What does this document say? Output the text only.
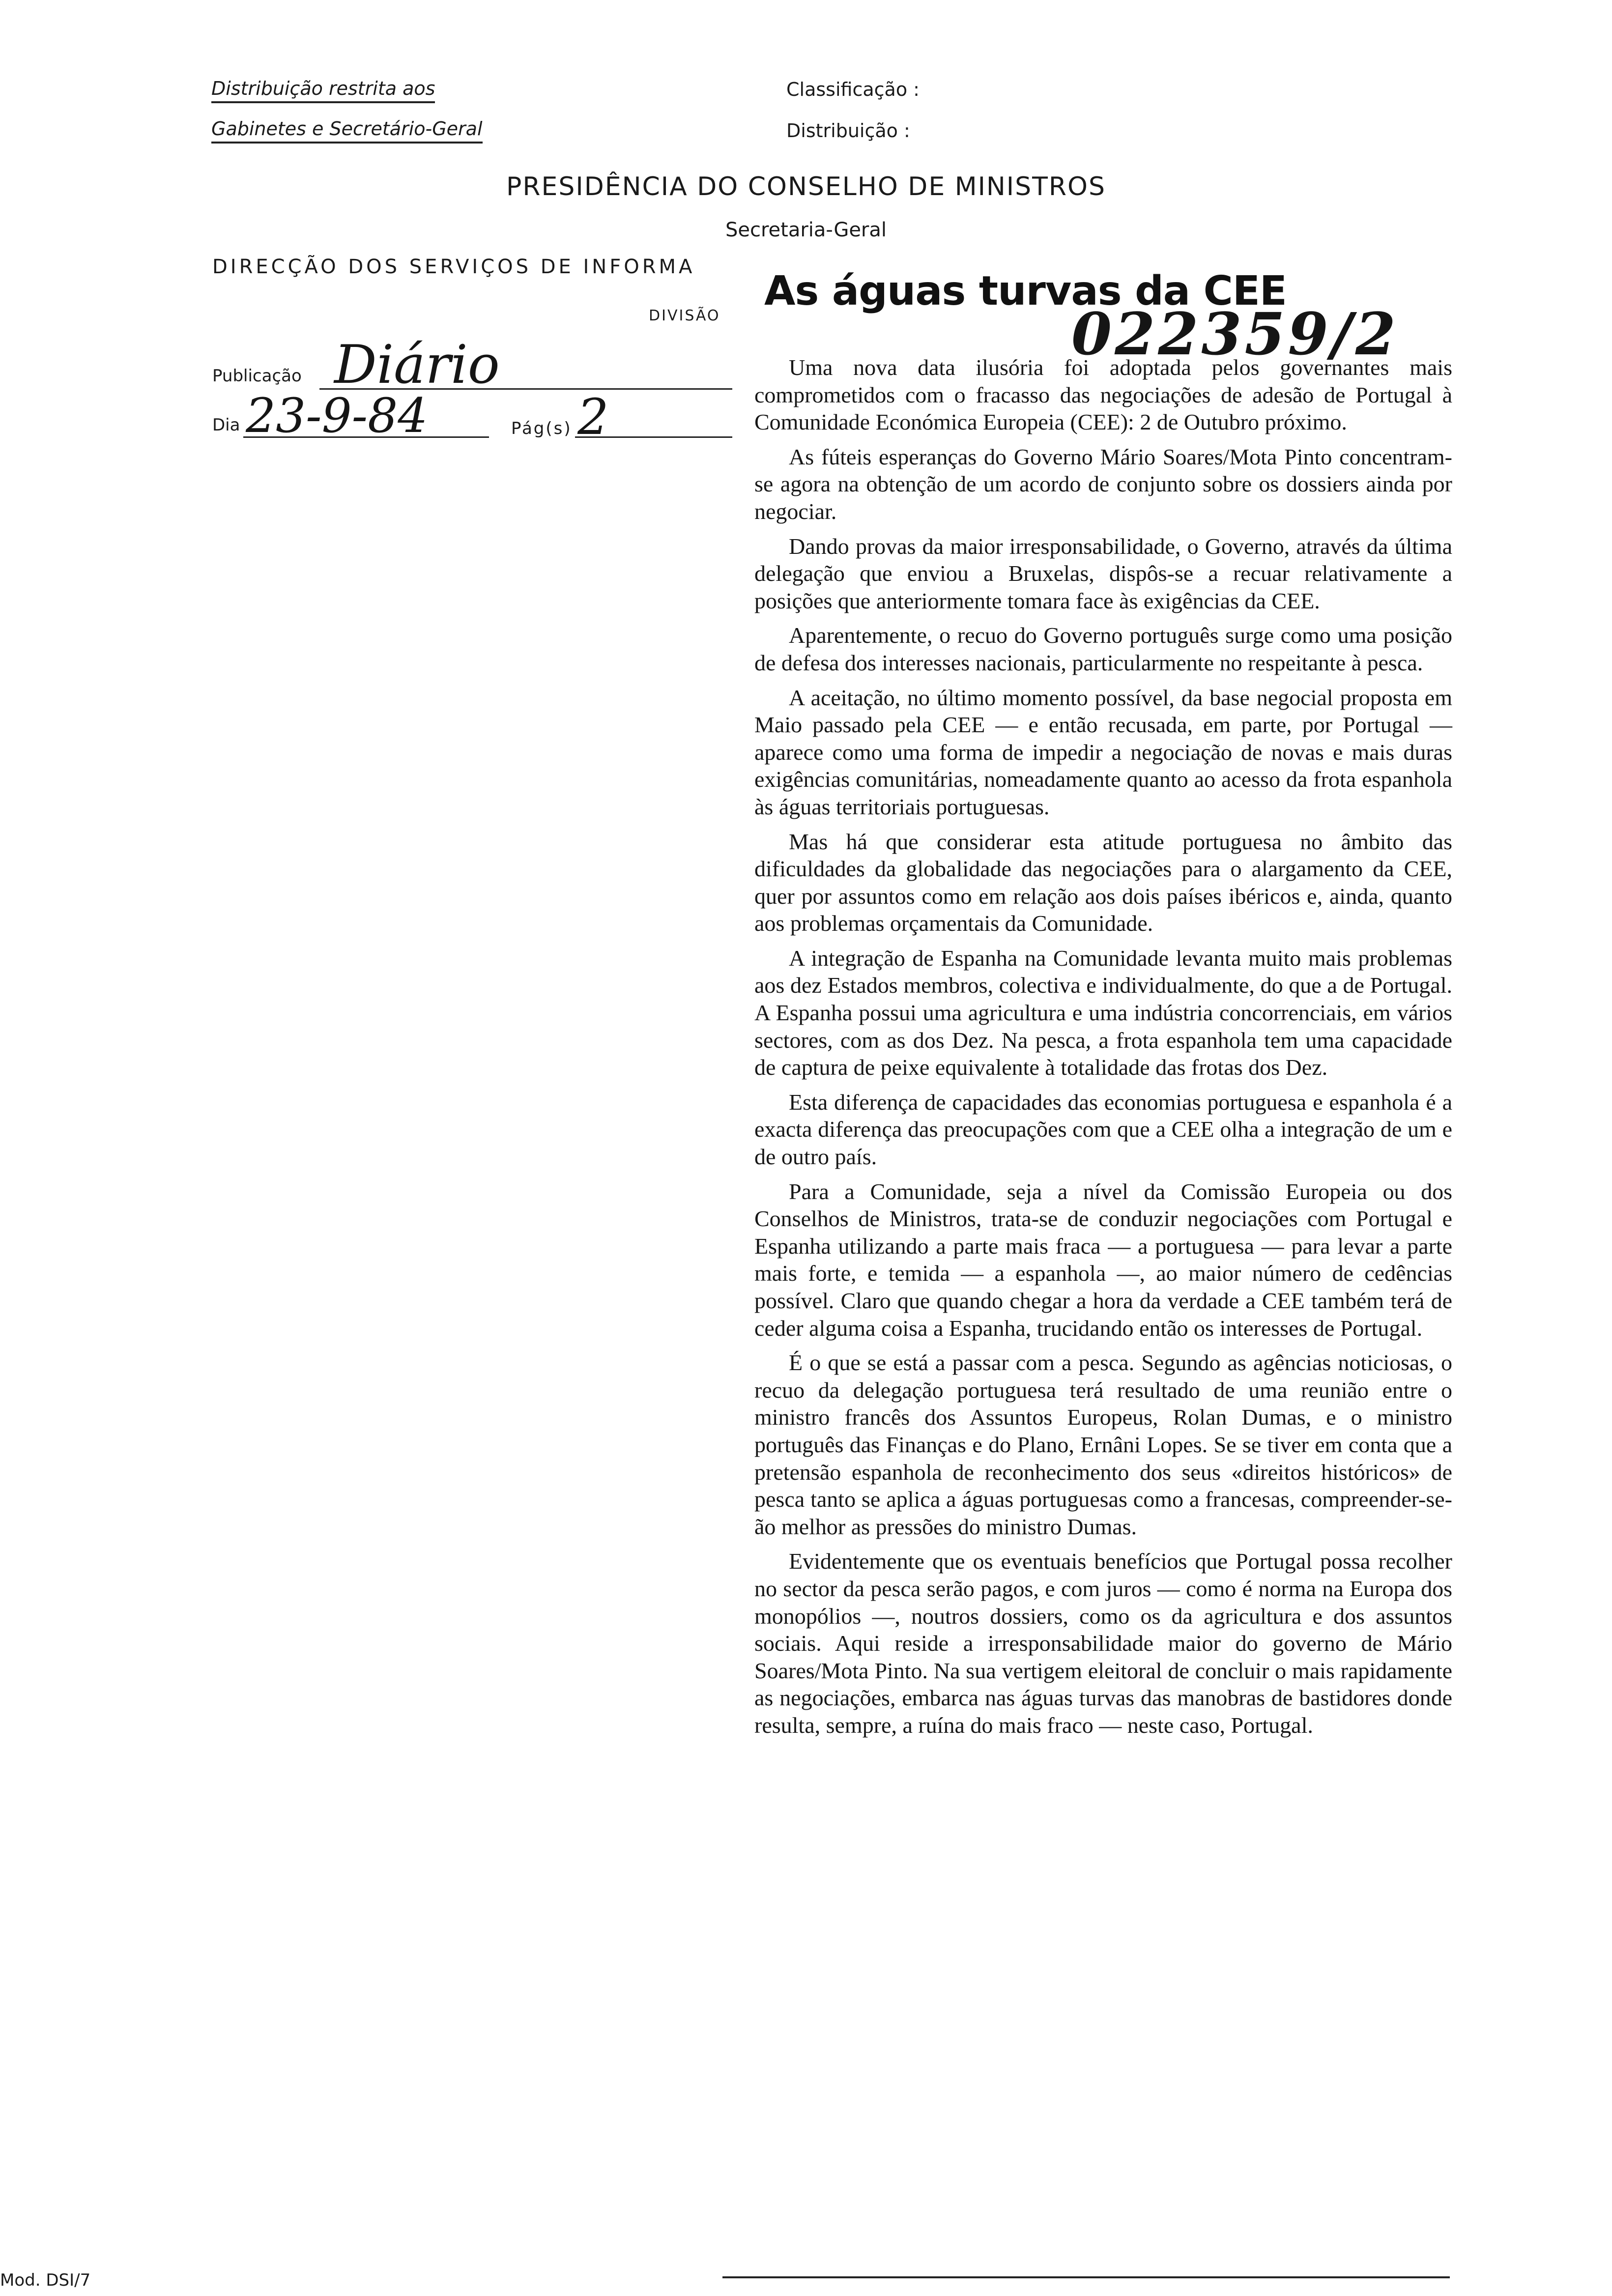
Distribuição restrita aos
Gabinetes e Secretário-Geral
Classificação :
Distribuição :
PRESIDÊNCIA DO CONSELHO DE MINISTROS
Secretaria-Geral
DIRECÇÃO DOS SERVIÇOS DE INFORMA
DIVISÃO
Publicação Diário
Dia 23-9-84	Pág(s) 2
022359/2
As águas turvas da CEE

Uma nova data ilusória foi adoptada pelos governantes mais comprometidos com o fracasso das negociações de adesão de Portugal à Comunidade Económica Europeia (CEE): 2 de Outubro próximo.

As fúteis esperanças do Governo Mário Soares/Mota Pinto concentram-se agora na obtenção de um acordo de conjunto sobre os dossiers ainda por negociar.

Dando provas da maior irresponsabilidade, o Governo, através da última delegação que enviou a Bruxelas, dispôs-se a recuar relativamente a posições que anteriormente tomara face às exigências da CEE.

Aparentemente, o recuo do Governo português surge como uma posição de defesa dos interesses nacionais, particularmente no respeitante à pesca.

A aceitação, no último momento possível, da base negocial proposta em Maio passado pela CEE — e então recusada, em parte, por Portugal — aparece como uma forma de impedir a negociação de novas e mais duras exigências comunitárias, nomeadamente quanto ao acesso da frota espanhola às águas territoriais portuguesas.

Mas há que considerar esta atitude portuguesa no âmbito das dificuldades da globalidade das negociações para o alargamento da CEE, quer por assuntos como em relação aos dois países ibéricos e, ainda, quanto aos problemas orçamentais da Comunidade.

A integração de Espanha na Comunidade levanta muito mais problemas aos dez Estados membros, colectiva e individualmente, do que a de Portugal. A Espanha possui uma agricultura e uma indústria concorrenciais, em vários sectores, com as dos Dez. Na pesca, a frota espanhola tem uma capacidade de captura de peixe equivalente à totalidade das frotas dos Dez.

Esta diferença de capacidades das economias portuguesa e espanhola é a exacta diferença das preocupações com que a CEE olha a integração de um e de outro país.

Para a Comunidade, seja a nível da Comissão Europeia ou dos Conselhos de Ministros, trata-se de conduzir negociações com Portugal e Espanha utilizando a parte mais fraca — a portuguesa — para levar a parte mais forte, e temida — a espanhola —, ao maior número de cedências possível. Claro que quando chegar a hora da verdade a CEE também terá de ceder alguma coisa a Espanha, trucidando então os interesses de Portugal.

É o que se está a passar com a pesca. Segundo as agências noticiosas, o recuo da delegação portuguesa terá resultado de uma reunião entre o ministro francês dos Assuntos Europeus, Rolan Dumas, e o ministro português das Finanças e do Plano, Ernâni Lopes. Se se tiver em conta que a pretensão espanhola de reconhecimento dos seus «direitos históricos» de pesca tanto se aplica a águas portuguesas como a francesas, compreender-se-ão melhor as pressões do ministro Dumas.

Evidentemente que os eventuais benefícios que Portugal possa recolher no sector da pesca serão pagos, e com juros — como é norma na Europa dos monopólios —, noutros dossiers, como os da agricultura e dos assuntos sociais. Aqui reside a irresponsabilidade maior do governo de Mário Soares/Mota Pinto. Na sua vertigem eleitoral de concluir o mais rapidamente as negociações, embarca nas águas turvas das manobras de bastidores donde resulta, sempre, a ruína do mais fraco — neste caso, Portugal.

Mod. DSI/7
